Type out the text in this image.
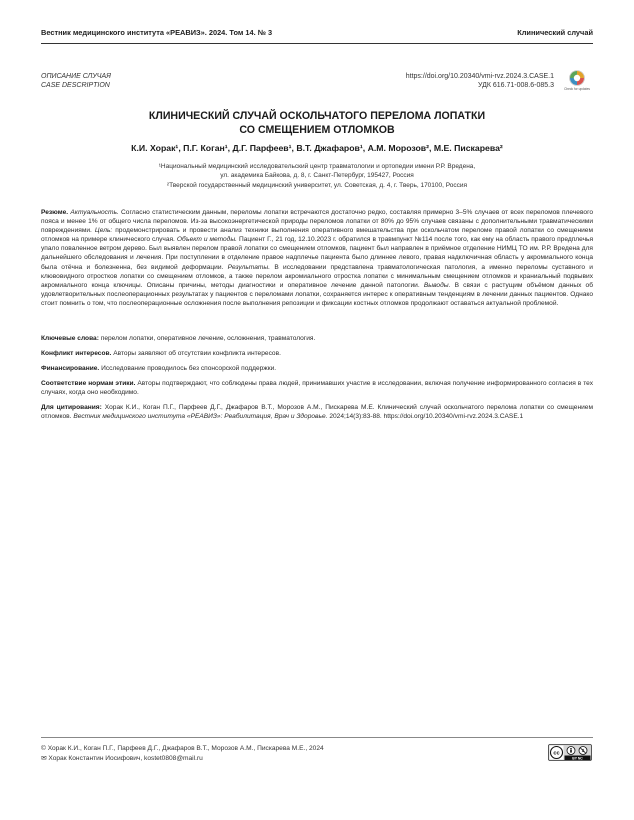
Вестник медицинского института «РЕАВИЗ». 2024. Том 14. № 3	Клинический случай
ОПИСАНИЕ СЛУЧАЯ
CASE DESCRIPTION
https://doi.org/10.20340/vmi-rvz.2024.3.CASE.1
УДК 616.71-008.6-085.3	Check for updates
КЛИНИЧЕСКИЙ СЛУЧАЙ ОСКОЛЬЧАТОГО ПЕРЕЛОМА ЛОПАТКИ
СО СМЕЩЕНИЕМ ОТЛОМКОВ
К.И. Хорак¹, П.Г. Коган¹, Д.Г. Парфеев¹, В.Т. Джафаров¹, А.М. Морозов², М.Е. Пискарева²
¹Национальный медицинский исследовательский центр травматологии и ортопедии имени Р.Р. Вредена,
ул. академика Байкова, д. 8, г. Санкт-Петербург, 195427, Россия
²Тверской государственный медицинский университет, ул. Советская, д. 4, г. Тверь, 170100, Россия
Резюме. Актуальность. Согласно статистическим данным, переломы лопатки встречаются достаточно редко, составляя примерно 3–5% случаев от всех переломов плечевого пояса и менее 1% от общего числа переломов. Из-за высокоэнергетической природы переломов лопатки от 80% до 95% случаев связаны с дополнительными травматическими повреждениями. Цель: продемонстрировать и провести анализ техники выполнения оперативного вмешательства при оскольчатом переломе правой лопатки со смещением отломков на примере клинического случая. Объект и методы. Пациент Г., 21 год, 12.10.2023 г. обратился в травмпункт №114 после того, как ему на область правого предплечья упало поваленное ветром дерево. Был выявлен перелом правой лопатки со смещением отломков, пациент был направлен в приёмное отделение НИМЦ ТО им. Р.Р. Вредена для дальнейшего обследования и лечения. При поступлении в отделение правое надплечье пациента было длиннее левого, правая надключичная область у акромиального конца была отёчна и болезненна, без видимой деформации. Результаты. В исследовании представлена травматологическая патология, а именно переломы суставного и клювовидного отростков лопатки со смещением отломков, а также перелом акромиального отростка лопатки с минимальным смещением отломков и краниальный подвывих акромиального конца ключицы. Описаны причины, методы диагностики и оперативное лечение данной патологии. Выводы. В связи с растущим объёмом данных об удовлетворительных послеоперационных результатах у пациентов с переломами лопатки, сохраняется интерес к оперативным тенденциям в лечении данных пациентов. Однако стоит помнить о том, что послеоперационные осложнения после выполнения репозиции и фиксации костных отломков продолжают оставаться актуальной проблемой.
Ключевые слова: перелом лопатки, оперативное лечение, осложнения, травматология.
Конфликт интересов. Авторы заявляют об отсутствии конфликта интересов.
Финансирование. Исследование проводилось без спонсорской поддержки.
Соответствие нормам этики. Авторы подтверждают, что соблюдены права людей, принимавших участие в исследовании, включая получение информированного согласия в тех случаях, когда оно необходимо.
Для цитирования: Хорак К.И., Коган П.Г., Парфеев Д.Г., Джафаров В.Т., Морозов А.М., Пискарева М.Е. Клинический случай оскольчатого перелома лопатки со смещением отломков. Вестник медицинского института «РЕАВИЗ»: Реабилитация, Врач и Здоровье. 2024;14(3):83-88. https://doi.org/10.20340/vmi-rvz.2024.3.CASE.1
© Хорак К.И., Коган П.Г., Парфеев Д.Г., Джафаров В.Т., Морозов А.М., Пискарева М.Е., 2024
✉ Хорак Константин Иосифович, kostet0808@mail.ru
cc
BY NC
